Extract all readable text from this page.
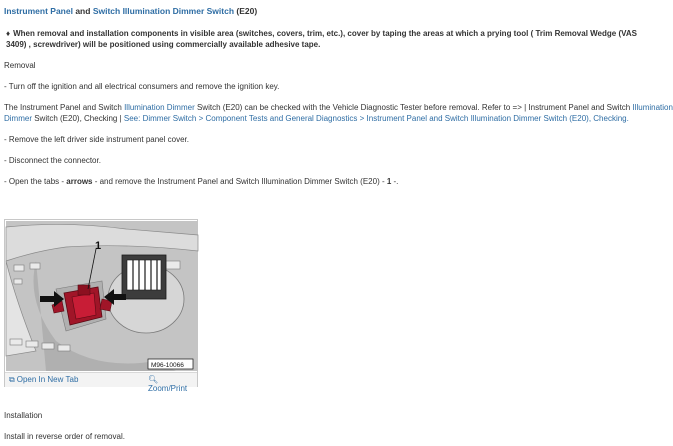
Instrument Panel and Switch Illumination Dimmer Switch (E20)
♦ When removal and installation components in visible area (switches, covers, trim, etc.), cover by taping the areas at which a prying tool ( Trim Removal Wedge (VAS 3409) , screwdriver) will be positioned using commercially available adhesive tape.
Removal
- Turn off the ignition and all electrical consumers and remove the ignition key.
The Instrument Panel and Switch Illumination Dimmer Switch (E20) can be checked with the Vehicle Diagnostic Tester before removal. Refer to => | Instrument Panel and Switch Illumination
Dimmer Switch (E20), Checking | See: Dimmer Switch > Component Tests and General Diagnostics > Instrument Panel and Switch Illumination Dimmer Switch (E20), Checking.
- Remove the left driver side instrument panel cover.
- Disconnect the connector.
- Open the tabs - arrows - and remove the Instrument Panel and Switch Illumination Dimmer Switch (E20) - 1 -.
1
M96-10066
⧉ Open In New Tab	🔍︎Zoom/Print
Installation
Install in reverse order of removal.
